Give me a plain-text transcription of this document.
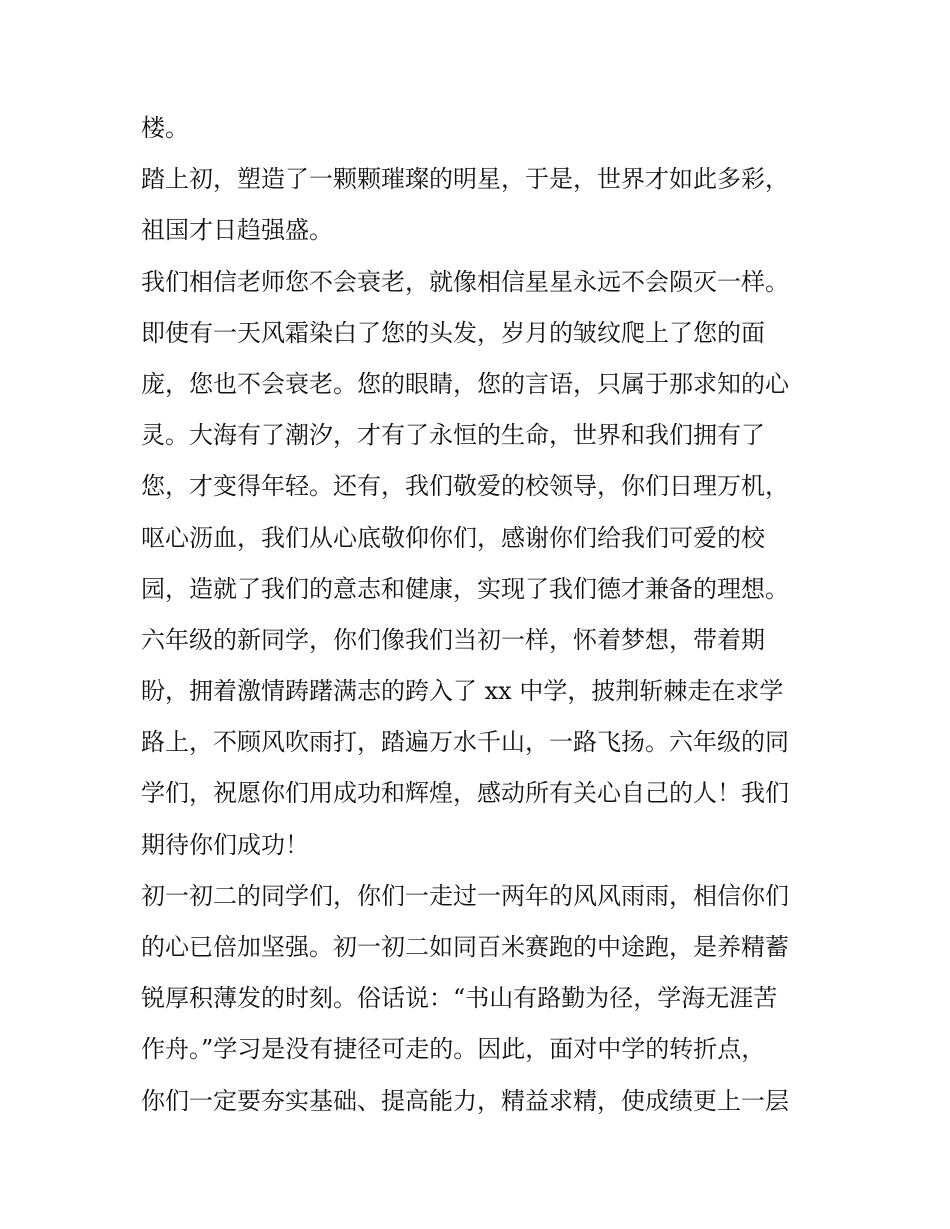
楼。
踏上初，塑造了一颗颗璀璨的明星，于是，世界才如此多彩，
祖国才日趋强盛。
我们相信老师您不会衰老，就像相信星星永远不会陨灭一样。
即使有一天风霜染白了您的头发，岁月的皱纹爬上了您的面
庞，您也不会衰老。您的眼睛，您的言语，只属于那求知的心
灵。大海有了潮汐，才有了永恒的生命，世界和我们拥有了
您，才变得年轻。还有，我们敬爱的校领导，你们日理万机，
呕心沥血，我们从心底敬仰你们，感谢你们给我们可爱的校
园，造就了我们的意志和健康，实现了我们德才兼备的理想。
六年级的新同学，你们像我们当初一样，怀着梦想，带着期
盼，拥着激情踌躇满志的跨入了 xx 中学，披荆斩棘走在求学
路上，不顾风吹雨打，踏遍万水千山，一路飞扬。六年级的同
学们，祝愿你们用成功和辉煌，感动所有关心自己的人！我们
期待你们成功！
初一初二的同学们，你们一走过一两年的风风雨雨，相信你们
的心已倍加坚强。初一初二如同百米赛跑的中途跑，是养精蓄
锐厚积薄发的时刻。俗话说：“书山有路勤为径，学海无涯苦
作舟。”学习是没有捷径可走的。因此，面对中学的转折点，
你们一定要夯实基础、提高能力，精益求精，使成绩更上一层
